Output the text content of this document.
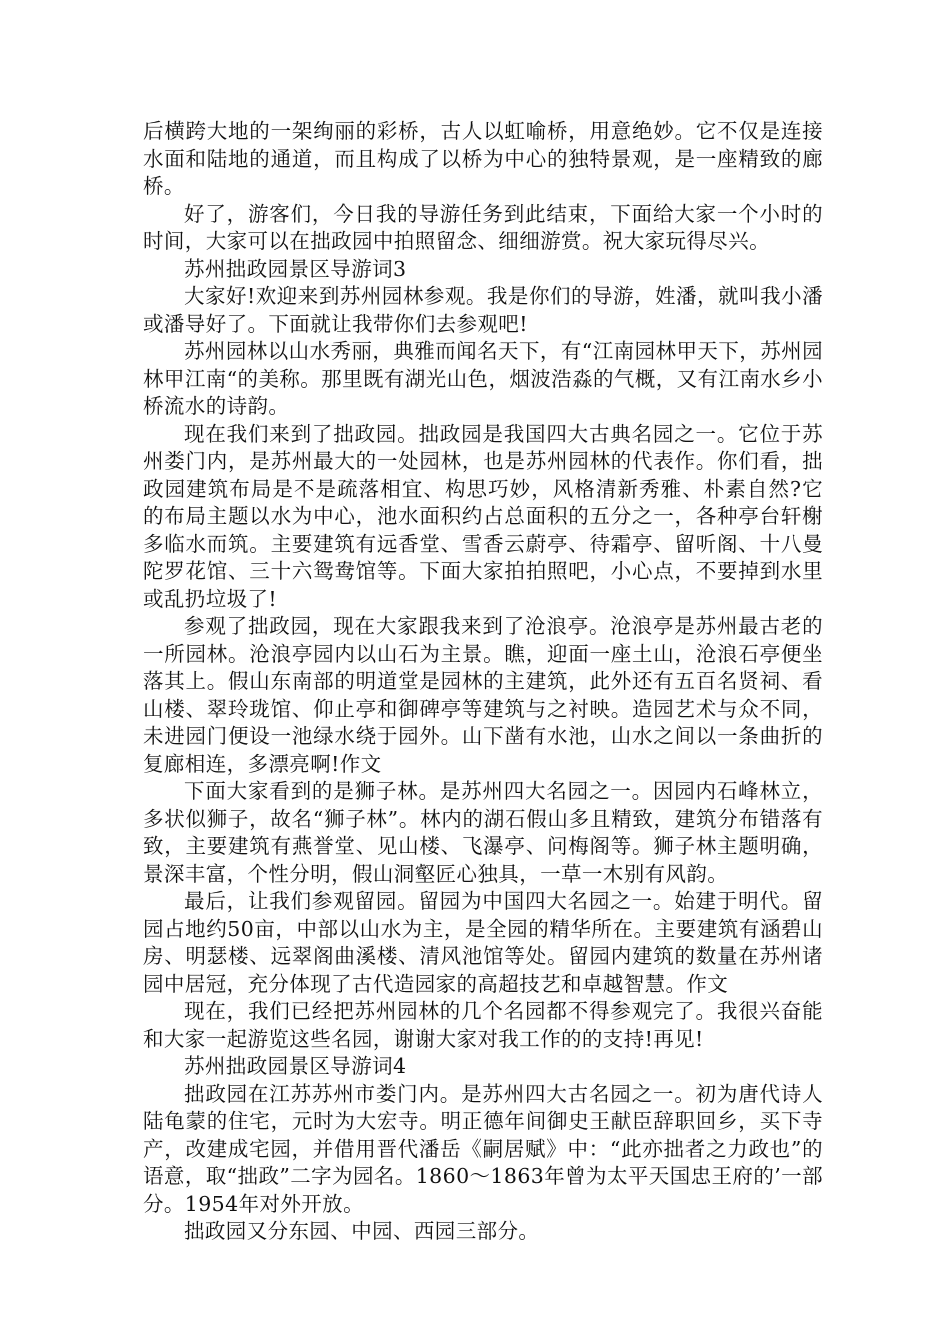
后横跨大地的一架绚丽的彩桥，古人以虹喻桥，用意绝妙。它不仅是连接水面和陆地的通道，而且构成了以桥为中心的独特景观，是一座精致的廊桥。

好了，游客们，今日我的导游任务到此结束，下面给大家一个小时的时间，大家可以在拙政园中拍照留念、细细游赏。祝大家玩得尽兴。

苏州拙政园景区导游词3

大家好!欢迎来到苏州园林参观。我是你们的导游，姓潘，就叫我小潘或潘导好了。下面就让我带你们去参观吧!

苏州园林以山水秀丽，典雅而闻名天下，有“江南园林甲天下，苏州园林甲江南“的美称。那里既有湖光山色，烟波浩淼的气概，又有江南水乡小桥流水的诗韵。

现在我们来到了拙政园。拙政园是我国四大古典名园之一。它位于苏州娄门内，是苏州最大的一处园林，也是苏州园林的代表作。你们看，拙政园建筑布局是不是疏落相宜、构思巧妙，风格清新秀雅、朴素自然?它的布局主题以水为中心，池水面积约占总面积的五分之一，各种亭台轩榭多临水而筑。主要建筑有远香堂、雪香云蔚亭、待霜亭、留听阁、十八曼陀罗花馆、三十六鸳鸯馆等。下面大家拍拍照吧，小心点，不要掉到水里或乱扔垃圾了!

参观了拙政园，现在大家跟我来到了沧浪亭。沧浪亭是苏州最古老的一所园林。沧浪亭园内以山石为主景。瞧，迎面一座土山，沧浪石亭便坐落其上。假山东南部的明道堂是园林的主建筑，此外还有五百名贤祠、看山楼、翠玲珑馆、仰止亭和御碑亭等建筑与之衬映。造园艺术与众不同，未进园门便设一池绿水绕于园外。山下凿有水池，山水之间以一条曲折的复廊相连，多漂亮啊!作文

下面大家看到的是狮子林。是苏州四大名园之一。因园内石峰林立，多状似狮子，故名“狮子林”。林内的湖石假山多且精致，建筑分布错落有致，主要建筑有燕誉堂、见山楼、飞瀑亭、问梅阁等。狮子林主题明确，景深丰富，个性分明，假山洞壑匠心独具，一草一木别有风韵。

最后，让我们参观留园。留园为中国四大名园之一。始建于明代。留园占地约50亩，中部以山水为主，是全园的精华所在。主要建筑有涵碧山房、明瑟楼、远翠阁曲溪楼、清风池馆等处。留园内建筑的数量在苏州诸园中居冠，充分体现了古代造园家的高超技艺和卓越智慧。作文

现在，我们已经把苏州园林的几个名园都不得参观完了。我很兴奋能和大家一起游览这些名园，谢谢大家对我工作的的支持!再见!

苏州拙政园景区导游词4

拙政园在江苏苏州市娄门内。是苏州四大古名园之一。初为唐代诗人陆龟蒙的住宅，元时为大宏寺。明正德年间御史王献臣辞职回乡，买下寺产，改建成宅园，并借用晋代潘岳《嗣居赋》中：“此亦拙者之力政也”的语意，取“拙政”二字为园名。1860～1863年曾为太平天国忠王府的’一部分。1954年对外开放。

拙政园又分东园、中园、西园三部分。
